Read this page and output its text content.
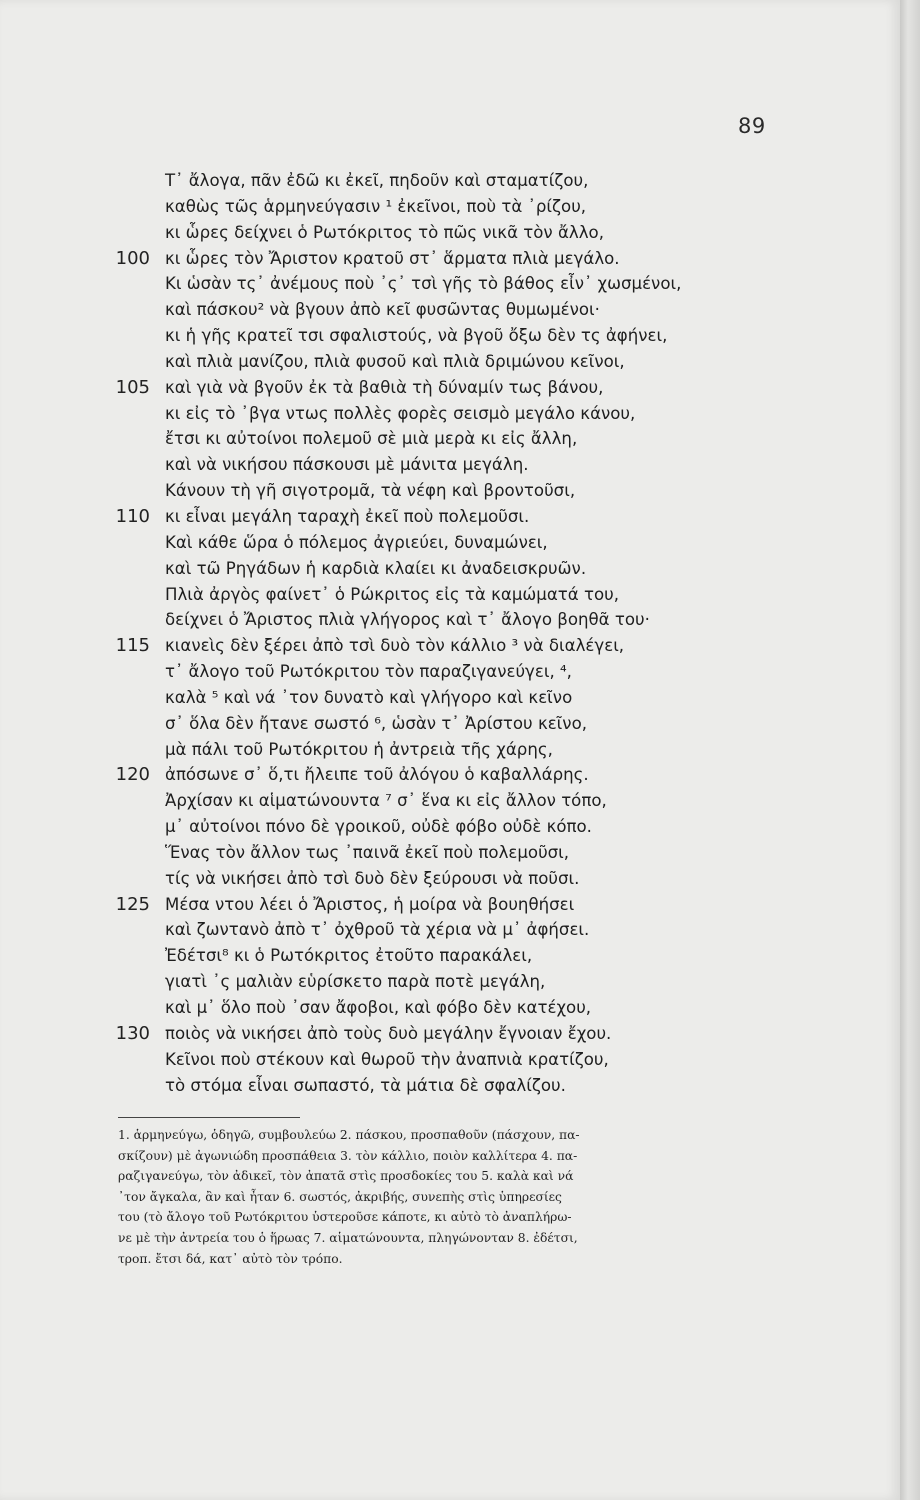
89
Τ᾽ ἄλογα, πᾶν ἐδῶ κι ἐκεῖ, πηδοῦν καὶ σταματίζου,
καθὼς τῶς ἁρμηνεύγασιν ¹ ἐκεῖνοι, ποὺ τὰ ᾿ρίζου,
κι ὧρες δείχνει ὁ Ρωτόκριτος τὸ πῶς νικᾶ τὸν ἄλλο,
100 κι ὧρες τὸν Ἄριστον κρατοῦ στ᾽ ἅρματα πλιὰ μεγάλο.
Κι ὡσὰν τς᾽ ἀνέμους ποὺ ᾿ς᾽ τσὶ γῆς τὸ βάθος εἶν᾽ χωσμένοι,
καὶ πάσκου² νὰ βγουν ἀπὸ κεῖ φυσῶντας θυμωμένοι·
κι ἡ γῆς κρατεῖ τσι σφαλιστούς, νὰ βγοῦ ὄξω δὲν τς ἀφήνει,
καὶ πλιὰ μανίζου, πλιὰ φυσοῦ καὶ πλιὰ δριμώνου κεῖνοι,
105 καὶ γιὰ νὰ βγοῦν ἐκ τὰ βαθιὰ τὴ δύναμίν τως βάνου,
κι εἰς τὸ ᾿βγα ντως πολλὲς φορὲς σεισμὸ μεγάλο κάνου,
ἔτσι κι αὐτοίνοι πολεμοῦ σὲ μιὰ μερὰ κι εἰς ἄλλη,
καὶ νὰ νικήσου πάσκουσι μὲ μάνιτα μεγάλη.
Κάνουν τὴ γῆ σιγοτρομᾶ, τὰ νέφη καὶ βροντοῦσι,
110 κι εἶναι μεγάλη ταραχὴ ἐκεῖ ποὺ πολεμοῦσι.
Καὶ κάθε ὥρα ὁ πόλεμος ἀγριεύει, δυναμώνει,
καὶ τῶ Ρηγάδων ἡ καρδιὰ κλαίει κι ἀναδεισκρυῶν.
Πλιὰ ἀργὸς φαίνετ᾽ ὁ Ρώκριτος εἰς τὰ καμώματά του,
δείχνει ὁ Ἄριστος πλιὰ γλήγορος καὶ τ᾽ ἄλογο βοηθᾶ του·
115 κιανεὶς δὲν ξέρει ἀπὸ τσὶ δυὸ τὸν κάλλιο ³ νὰ διαλέγει,
τ᾽ ἄλογο τοῦ Ρωτόκριτου τὸν παραζιγανεύγει, ⁴,
καλὰ ⁵ καὶ νά ᾿τον δυνατὸ καὶ γλήγορο καὶ κεῖνο
σ᾽ ὅλα δὲν ἤτανε σωστό ⁶, ὡσὰν τ᾽ Ἀρίστου κεῖνο,
μὰ πάλι τοῦ Ρωτόκριτου ἡ ἀντρειὰ τῆς χάρης,
120 ἀπόσωνε σ᾽ ὅ,τι ἤλειπε τοῦ ἀλόγου ὁ καβαλλάρης.
Ἀρχίσαν κι αἱματώνουντα ⁷ σ᾽ ἕνα κι εἰς ἄλλον τόπο,
μ᾽ αὐτοίνοι πόνο δὲ γροικοῦ, οὐδὲ φόβο οὐδὲ κόπο.
Ἕνας τὸν ἄλλον τως ᾿παινᾶ ἐκεῖ ποὺ πολεμοῦσι,
τίς νὰ νικήσει ἀπὸ τσὶ δυὸ δὲν ξεύρουσι νὰ ποῦσι.
125 Μέσα ντου λέει ὁ Ἄριστος, ἡ μοίρα νὰ βουηθήσει
καὶ ζωντανὸ ἀπὸ τ᾽ ὀχθροῦ τὰ χέρια νὰ μ᾽ ἀφήσει.
Ἐδέτσι⁸ κι ὁ Ρωτόκριτος ἐτοῦτο παρακάλει,
γιατὶ ᾿ς μαλιὰν εὑρίσκετο παρὰ ποτὲ μεγάλη,
καὶ μ᾽ ὅλο ποὺ ᾿σαν ἄφοβοι, καὶ φόβο δὲν κατέχου,
130 ποιὸς νὰ νικήσει ἀπὸ τοὺς δυὸ μεγάλην ἔγνοιαν ἔχου.
Κεῖνοι ποὺ στέκουν καὶ θωροῦ τὴν ἀναπνιὰ κρατίζου,
τὸ στόμα εἶναι σωπαστό, τὰ μάτια δὲ σφαλίζου.
1. ἁρμηνεύγω, ὁδηγῶ, συμβουλεύω 2. πάσκου, προσπαθοῦν (πάσχουν, πα-
σκίζουν) μὲ ἀγωνιώδη προσπάθεια 3. τὸν κάλλιο, ποιὸν καλλίτερα 4. πα-
ραζιγανεύγω, τὸν ἀδικεῖ, τὸν ἀπατᾶ στὶς προσδοκίες του 5. καλὰ καὶ νά
᾿τον ἄγκαλα, ἂν καὶ ἦταν 6. σωστός, ἀκριβής, συνεπὴς στὶς ὑπηρεσίες
του (τὸ ἄλογο τοῦ Ρωτόκριτου ὑστεροῦσε κάποτε, κι αὐτὸ τὸ ἀναπλήρω-
νε μὲ τὴν ἀντρεία του ὁ ἥρωας 7. αἱματώνουντα, πληγώνονταν 8. ἐδέτσι,
τροπ. ἔτσι δά, κατ᾽ αὐτὸ τὸν τρόπο.
